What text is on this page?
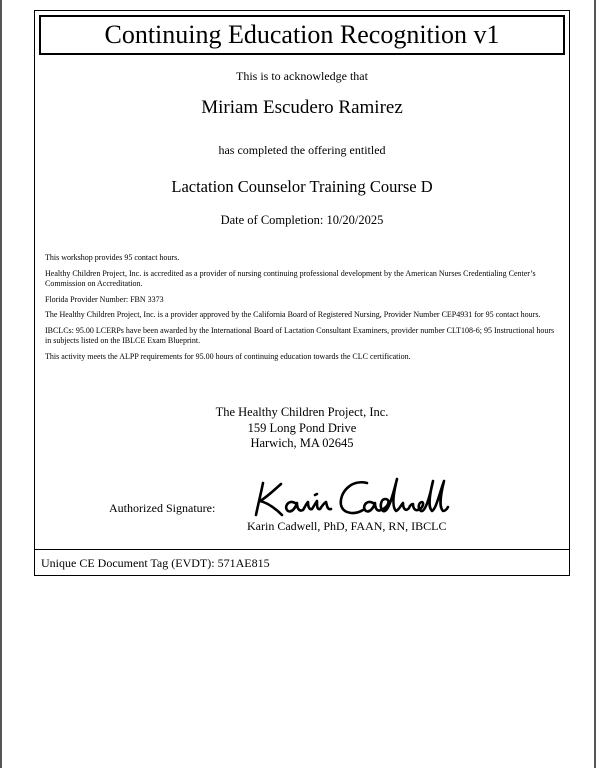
Continuing Education Recognition v1
This is to acknowledge that
Miriam Escudero Ramirez
has completed the offering entitled
Lactation Counselor Training Course D
Date of Completion: 10/20/2025

This workshop provides 95 contact hours.

Healthy Children Project, Inc. is accredited as a provider of nursing continuing professional development by the American Nurses Credentialing Center’s Commission on Accreditation.

Florida Provider Number: FBN 3373

The Healthy Children Project, Inc. is a provider approved by the California Board of Registered Nursing, Provider Number CEP4931 for 95 contact hours.

IBCLCs: 95.00 LCERPs have been awarded by the International Board of Lactation Consultant Examiners, provider number CLT108-6; 95 Instructional hours in subjects listed on the IBLCE Exam Blueprint.

This activity meets the ALPP requirements for 95.00 hours of continuing education towards the CLC certification.

The Healthy Children Project, Inc.
159 Long Pond Drive
Harwich, MA 02645
Authorized Signature:
Karin Cadwell
Karin Cadwell, PhD, FAAN, RN, IBCLC
Unique CE Document Tag (EVDT): 571AE815
